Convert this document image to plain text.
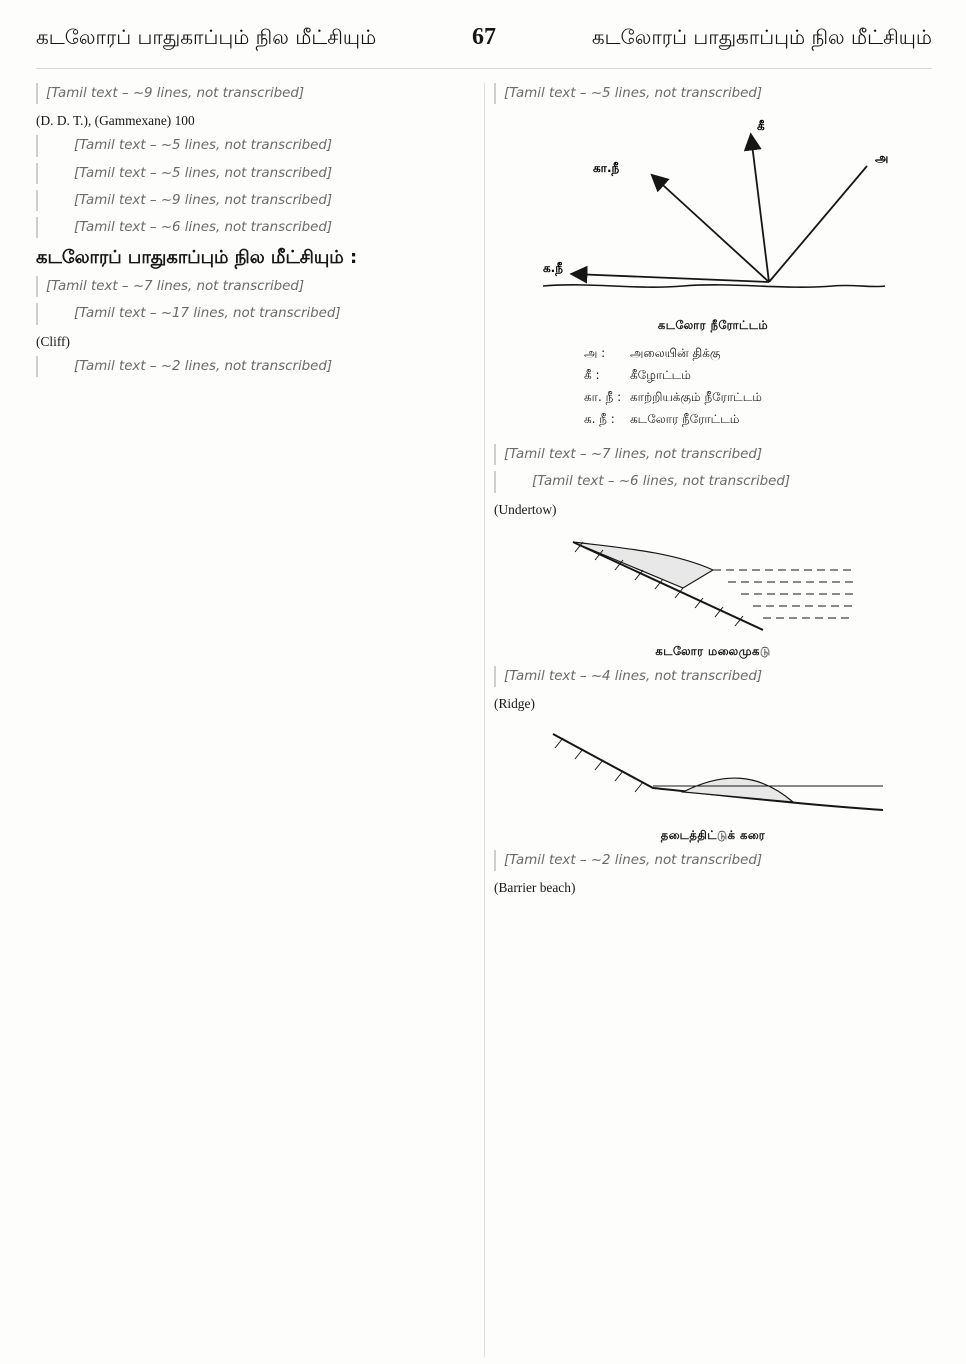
கடலோரப் பாதுகாப்பும் நில மீட்சியும்	67	கடலோரப் பாதுகாப்பும் நில மீட்சியும்

[Tamil text – ~9 lines, not transcribed]

(D. D. T.), (Gammexane) 100

[Tamil text – ~5 lines, not transcribed]

[Tamil text – ~5 lines, not transcribed]

[Tamil text – ~9 lines, not transcribed]

[Tamil text – ~6 lines, not transcribed]

கடலோரப் பாதுகாப்பும் நில மீட்சியும் :

[Tamil text – ~7 lines, not transcribed]

[Tamil text – ~17 lines, not transcribed]

(Cliff)

[Tamil text – ~2 lines, not transcribed]

[Tamil text – ~5 lines, not transcribed]

கீ
கா.நீ
அ
க.நீ
கடலோர நீரோட்டம்
அ :	அலையின் திக்கு
கீ :	கீழோட்டம்
கா. நீ : காற்றியக்கும் நீரோட்டம்
க. நீ :	கடலோர நீரோட்டம்

[Tamil text – ~7 lines, not transcribed]

[Tamil text – ~6 lines, not transcribed]

(Undertow)

கடலோர மலைமுகடு

[Tamil text – ~4 lines, not transcribed]

(Ridge)

தடைத்திட்டுக் கரை

[Tamil text – ~2 lines, not transcribed]

(Barrier beach)
